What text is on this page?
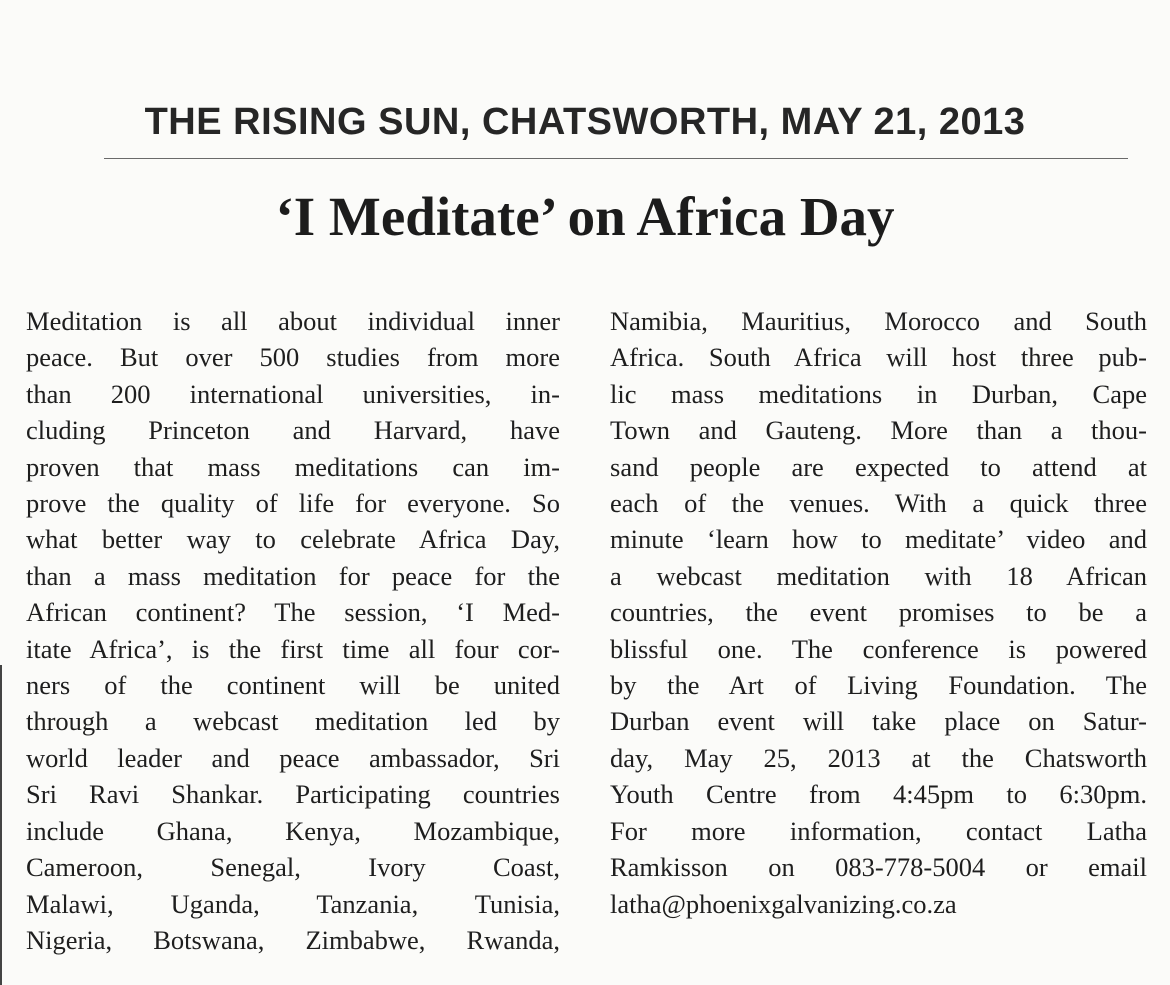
THE RISING SUN, CHATSWORTH, MAY 21, 2013
‘I Meditate’ on Africa Day

Meditation is all about individual inner
peace. But over 500 studies from more
than 200 international universities, in-
cluding Princeton and Harvard, have
proven that mass meditations can im-
prove the quality of life for everyone. So
what better way to celebrate Africa Day,
than a mass meditation for peace for the
African continent? The session, ‘I Med-
itate Africa’, is the first time all four cor-
ners of the continent will be united
through a webcast meditation led by
world leader and peace ambassador, Sri
Sri Ravi Shankar. Participating countries
include Ghana, Kenya, Mozambique,
Cameroon, Senegal, Ivory Coast,
Malawi, Uganda, Tanzania, Tunisia,
Nigeria, Botswana, Zimbabwe, Rwanda,

Namibia, Mauritius, Morocco and South
Africa. South Africa will host three pub-
lic mass meditations in Durban, Cape
Town and Gauteng. More than a thou-
sand people are expected to attend at
each of the venues. With a quick three
minute ‘learn how to meditate’ video and
a webcast meditation with 18 African
countries, the event promises to be a
blissful one. The conference is powered
by the Art of Living Foundation. The
Durban event will take place on Satur-
day, May 25, 2013 at the Chatsworth
Youth Centre from 4:45pm to 6:30pm.
For more information, contact Latha
Ramkisson on 083-778-5004 or email
latha@phoenixgalvanizing.co.za
